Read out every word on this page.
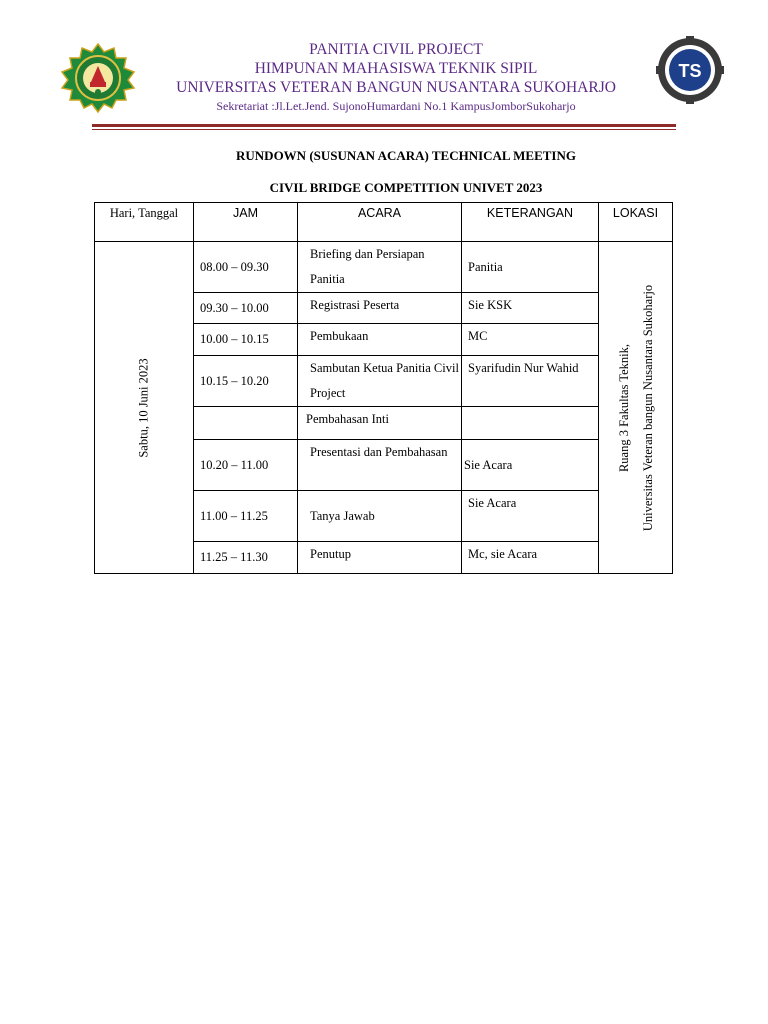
TS
PANITIA CIVIL PROJECT
HIMPUNAN MAHASISWA TEKNIK SIPIL
UNIVERSITAS VETERAN BANGUN NUSANTARA SUKOHARJO
Sekretariat :Jl.Let.Jend. SujonoHumardani No.1 KampusJomborSukoharjo
RUNDOWN (SUSUNAN ACARA) TECHNICAL MEETING
CIVIL BRIDGE COMPETITION UNIVET 2023
Hari, Tanggal	JAM	ACARA	KETERANGAN	LOKASI

Sabtu, 10 Juni 2023	08.00 – 09.30	Briefing dan Persiapan Panitia	Panitia	Ruang 3 Fakultas Teknik, Universitas Veteran bangun Nusantara Sukoharjo

	09.30 – 10.00	Registrasi Peserta	Sie KSK	
	10.00 – 10.15	Pembukaan	MC	
	10.15 – 10.20	Sambutan Ketua Panitia Civil Project	Syarifudin Nur Wahid	
		Pembahasan Inti		
	10.20 – 11.00	Presentasi dan Pembahasan	Sie Acara	
	11.00 – 11.25	Tanya Jawab	Sie Acara	
	11.25 – 11.30	Penutup	Mc, sie Acara	
